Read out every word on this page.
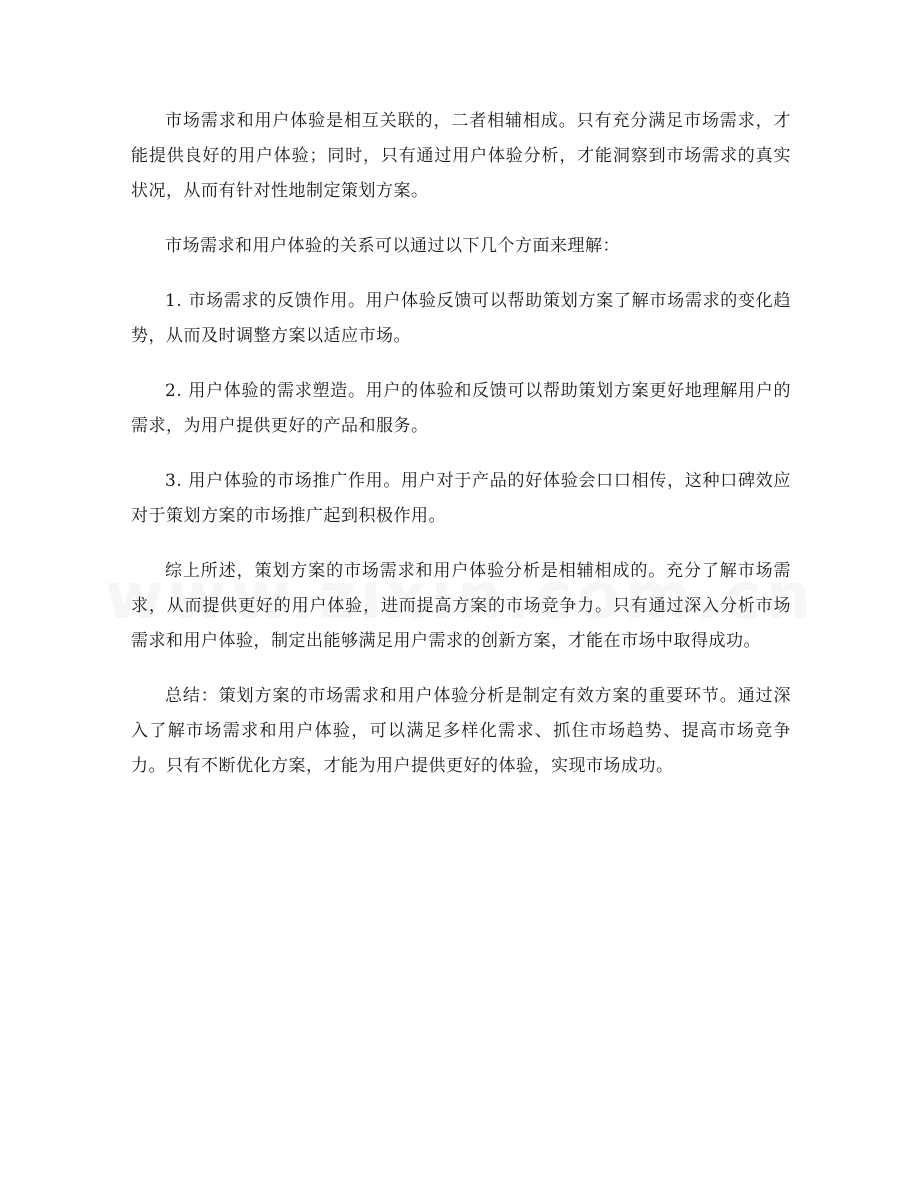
市场需求和用户体验是相互关联的，二者相辅相成。只有充分满足市场需求，才能提供良好的用户体验；同时，只有通过用户体验分析，才能洞察到市场需求的真实状况，从而有针对性地制定策划方案。

市场需求和用户体验的关系可以通过以下几个方面来理解：

1. 市场需求的反馈作用。用户体验反馈可以帮助策划方案了解市场需求的变化趋势，从而及时调整方案以适应市场。

2. 用户体验的需求塑造。用户的体验和反馈可以帮助策划方案更好地理解用户的需求，为用户提供更好的产品和服务。

3. 用户体验的市场推广作用。用户对于产品的好体验会口口相传，这种口碑效应对于策划方案的市场推广起到积极作用。

综上所述，策划方案的市场需求和用户体验分析是相辅相成的。充分了解市场需求，从而提供更好的用户体验，进而提高方案的市场竞争力。只有通过深入分析市场需求和用户体验，制定出能够满足用户需求的创新方案，才能在市场中取得成功。

总结：策划方案的市场需求和用户体验分析是制定有效方案的重要环节。通过深入了解市场需求和用户体验，可以满足多样化需求、抓住市场趋势、提高市场竞争力。只有不断优化方案，才能为用户提供更好的体验，实现市场成功。
